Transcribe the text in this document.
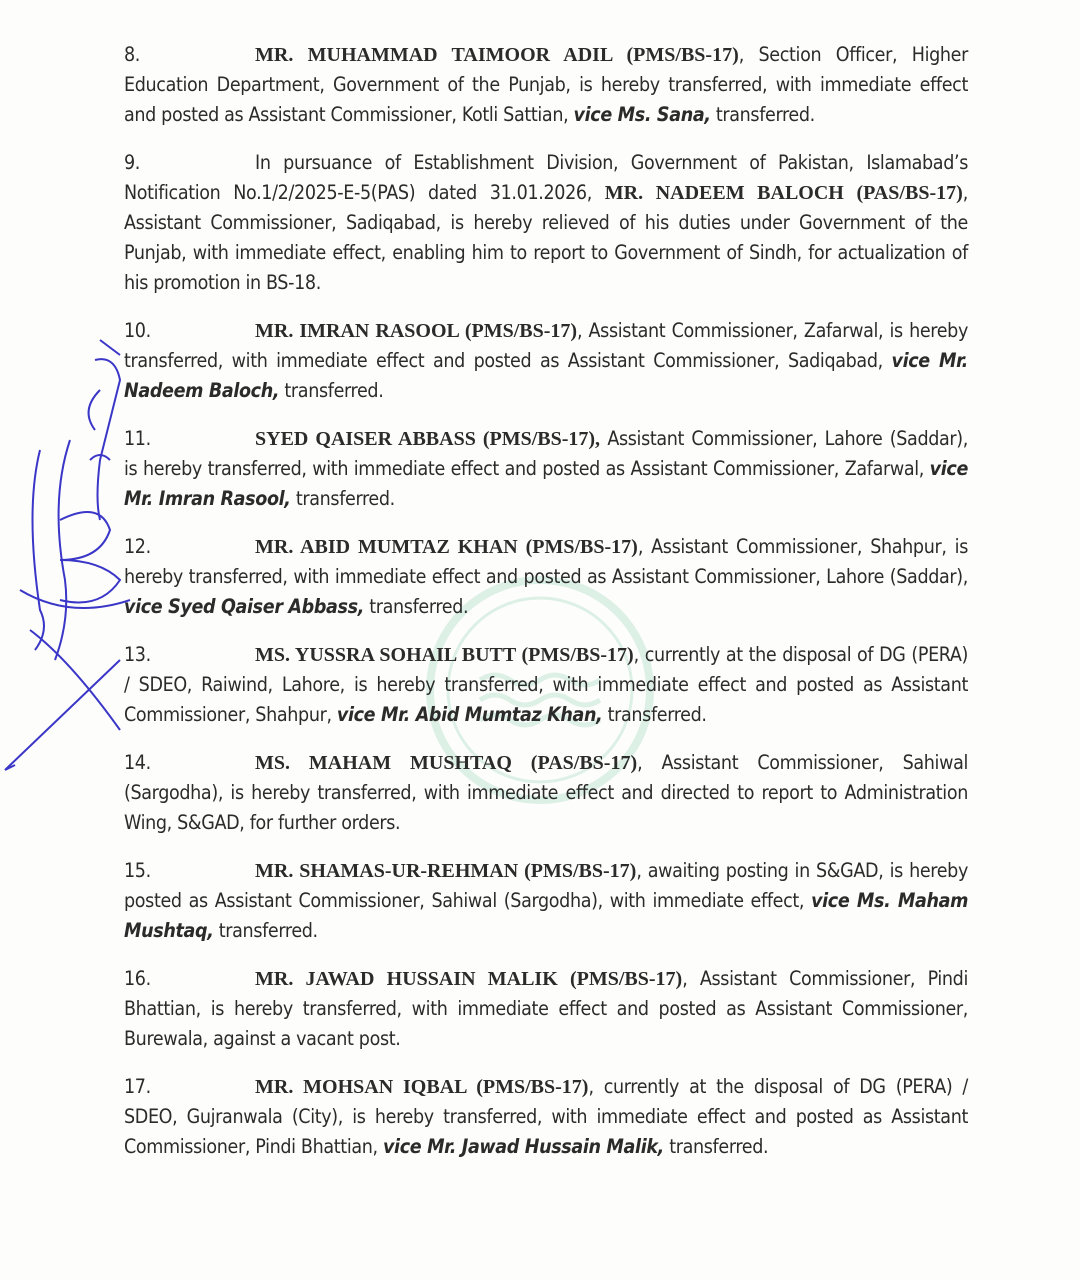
8.	MR. MUHAMMAD TAIMOOR ADIL (PMS/BS-17), Section Officer, Higher Education Department, Government of the Punjab, is hereby transferred, with immediate effect and posted as Assistant Commissioner, Kotli Sattian, vice Ms. Sana, transferred.

9.	In pursuance of Establishment Division, Government of Pakistan, Islamabad’s Notification No.1/2/2025-E-5(PAS) dated 31.01.2026, MR. NADEEM BALOCH (PAS/BS-17), Assistant Commissioner, Sadiqabad, is hereby relieved of his duties under Government of the Punjab, with immediate effect, enabling him to report to Government of Sindh, for actualization of his promotion in BS-18.

10.	MR. IMRAN RASOOL (PMS/BS-17), Assistant Commissioner, Zafarwal, is hereby transferred, with immediate effect and posted as Assistant Commissioner, Sadiqabad, vice Mr. Nadeem Baloch, transferred.

11.	SYED QAISER ABBASS (PMS/BS-17), Assistant Commissioner, Lahore (Saddar), is hereby transferred, with immediate effect and posted as Assistant Commissioner, Zafarwal, vice Mr. Imran Rasool, transferred.

12.	MR. ABID MUMTAZ KHAN (PMS/BS-17), Assistant Commissioner, Shahpur, is hereby transferred, with immediate effect and posted as Assistant Commissioner, Lahore (Saddar), vice Syed Qaiser Abbass, transferred.

13.	MS. YUSSRA SOHAIL BUTT (PMS/BS-17), currently at the disposal of DG (PERA) / SDEO, Raiwind, Lahore, is hereby transferred, with immediate effect and posted as Assistant Commissioner, Shahpur, vice Mr. Abid Mumtaz Khan, transferred.

14.	MS. MAHAM MUSHTAQ (PAS/BS-17), Assistant Commissioner, Sahiwal (Sargodha), is hereby transferred, with immediate effect and directed to report to Administration Wing, S&GAD, for further orders.

15.	MR. SHAMAS-UR-REHMAN (PMS/BS-17), awaiting posting in S&GAD, is hereby posted as Assistant Commissioner, Sahiwal (Sargodha), with immediate effect, vice Ms. Maham Mushtaq, transferred.

16.	MR. JAWAD HUSSAIN MALIK (PMS/BS-17), Assistant Commissioner, Pindi Bhattian, is hereby transferred, with immediate effect and posted as Assistant Commissioner, Burewala, against a vacant post.

17.	MR. MOHSAN IQBAL (PMS/BS-17), currently at the disposal of DG (PERA) / SDEO, Gujranwala (City), is hereby transferred, with immediate effect and posted as Assistant Commissioner, Pindi Bhattian, vice Mr. Jawad Hussain Malik, transferred.
